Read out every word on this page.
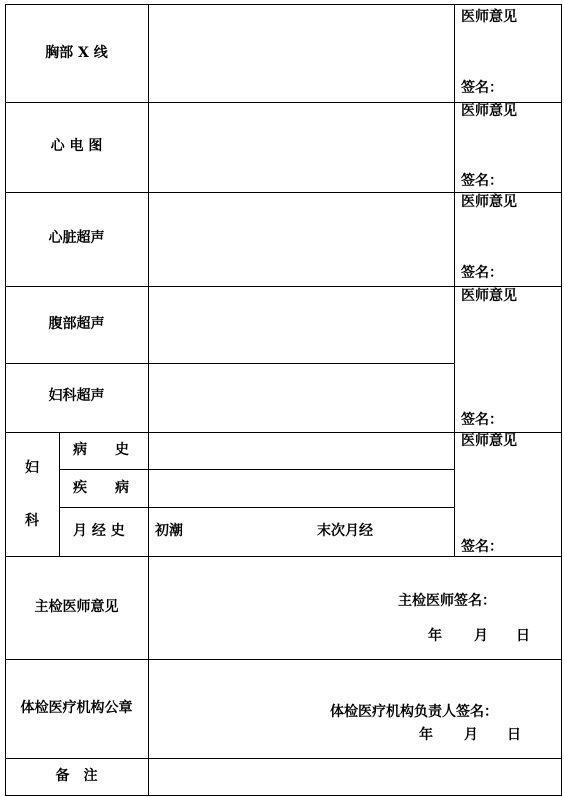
胸部 X 线
心 电 图
心脏超声
腹部超声
妇科超声
妇
科
病　　史
疾　　病
月 经 史 初潮	末次月经
主检医师意见
体检医疗机构公章
备　注
医师意见
签名：
医师意见
签名：
医师意见
签名：
医师意见
签名：
医师意见
签名：
主检医师签名：
年 月 日
体检医疗机构负责人签名：
年 月 日
